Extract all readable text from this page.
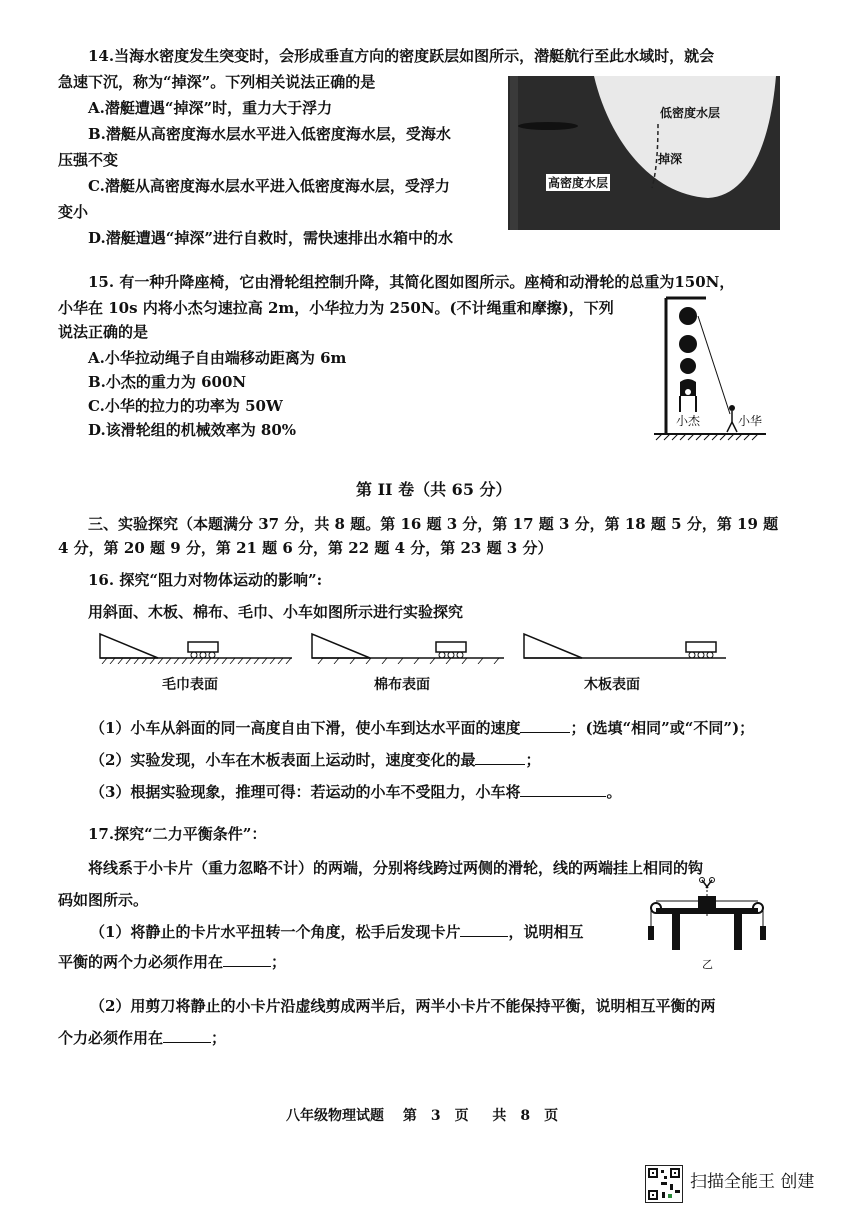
14.当海水密度发生突变时，会形成垂直方向的密度跃层如图所示，潜艇航行至此水域时，就会
急速下沉，称为“掉深”。下列相关说法正确的是
A.潜艇遭遇“掉深”时，重力大于浮力
B.潜艇从高密度海水层水平进入低密度海水层，受海水
压强不变
C.潜艇从高密度海水层水平进入低密度海水层，受浮力
变小
D.潜艇遭遇“掉深”进行自救时，需快速排出水箱中的水
低密度水层
掉深
高密度水层
15. 有一种升降座椅，它由滑轮组控制升降，其简化图如图所示。座椅和动滑轮的总重为150N，
小华在 10s 内将小杰匀速拉高 2m，小华拉力为 250N。(不计绳重和摩擦)，下列
说法正确的是
A.小华拉动绳子自由端移动距离为 6m
B.小杰的重力为 600N
C.小华的拉力的功率为 50W
D.该滑轮组的机械效率为 80%	小杰	小华
第 II 卷（共 65 分）
三、实验探究（本题满分 37 分，共 8 题。第 16 题 3 分，第 17 题 3 分，第 18 题 5 分，第 19 题
4 分，第 20 题 9 分，第 21 题 6 分，第 22 题 4 分，第 23 题 3 分）
16. 探究“阻力对物体运动的影响”:
用斜面、木板、棉布、毛巾、小车如图所示进行实验探究
毛巾表面	棉布表面	木板表面
（1）小车从斜面的同一高度自由下滑，使小车到达水平面的速度	；(选填“相同”或“不同”)；
（2）实验发现，小车在木板表面上运动时，速度变化的最	；
（3）根据实验现象，推理可得：若运动的小车不受阻力，小车将	。
17.探究“二力平衡条件”：
将线系于小卡片（重力忽略不计）的两端，分别将线跨过两侧的滑轮，线的两端挂上相同的钩
码如图所示。
（1）将静止的卡片水平扭转一个角度，松手后发现卡片	，说明相互
平衡的两个力必须作用在	；
（2）用剪刀将静止的小卡片沿虚线剪成两半后，两半小卡片不能保持平衡，说明相互平衡的两
个力必须作用在	；
乙
八年级物理试题　 第　3　页 　 共　8　页
扫描全能王 创建
